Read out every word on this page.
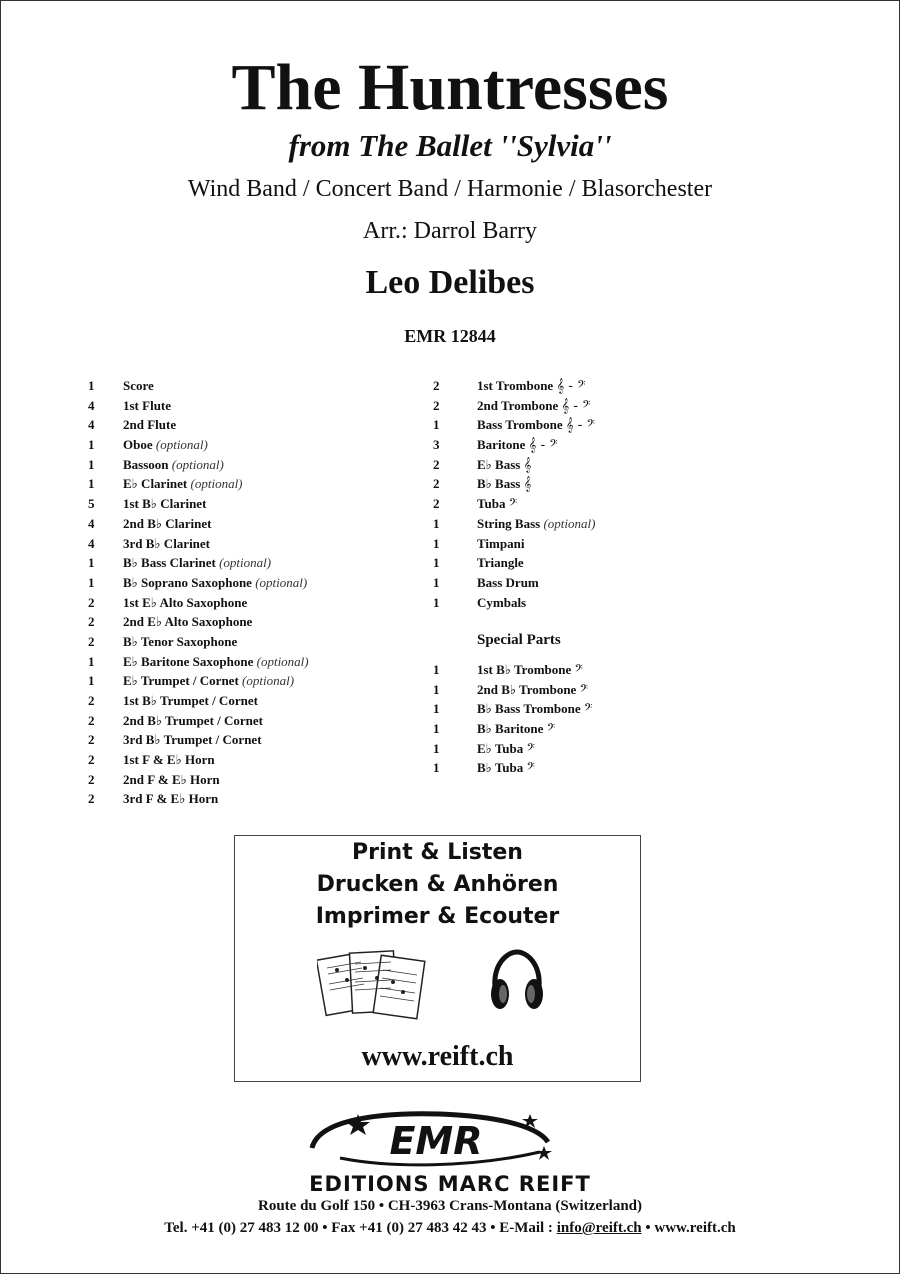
The Huntresses
from The Ballet ''Sylvia''
Wind Band / Concert Band / Harmonie / Blasorchester
Arr.: Darrol Barry
Leo Delibes
EMR 12844
1	Score
4	1st Flute
4	2nd Flute
1	Oboe (optional)
1	Bassoon (optional)
1	E♭ Clarinet (optional)
5	1st B♭ Clarinet
4	2nd B♭ Clarinet
4	3rd B♭ Clarinet
1	B♭ Bass Clarinet (optional)
1	B♭ Soprano Saxophone (optional)
2	1st E♭ Alto Saxophone
2	2nd E♭ Alto Saxophone
2	B♭ Tenor Saxophone
1	E♭ Baritone Saxophone (optional)
1	E♭ Trumpet / Cornet (optional)
2	1st B♭ Trumpet / Cornet
2	2nd B♭ Trumpet / Cornet
2	3rd B♭ Trumpet / Cornet
2	1st F & E♭ Horn
2	2nd F & E♭ Horn
2	3rd F & E♭ Horn
2	1st Trombone 𝄞 - 𝄢
2	2nd Trombone 𝄞 - 𝄢
1	Bass Trombone 𝄞 - 𝄢
3	Baritone 𝄞 - 𝄢
2	E♭ Bass 𝄞
2	B♭ Bass 𝄞
2	Tuba 𝄢
1	String Bass (optional)
1	Timpani
1	Triangle
1	Bass Drum
1	Cymbals
Special Parts
1	1st B♭ Trombone 𝄢
1	2nd B♭ Trombone 𝄢
1	B♭ Bass Trombone 𝄢
1	B♭ Baritone 𝄢
1	E♭ Tuba 𝄢
1	B♭ Tuba 𝄢
Print & Listen
Drucken & Anhören
Imprimer & Ecouter
www.reift.ch
EMR
EDITIONS MARC REIFT
Route du Golf 150 • CH-3963 Crans-Montana (Switzerland)
Tel. +41 (0) 27 483 12 00 • Fax +41 (0) 27 483 42 43 • E-Mail : info@reift.ch • www.reift.ch
